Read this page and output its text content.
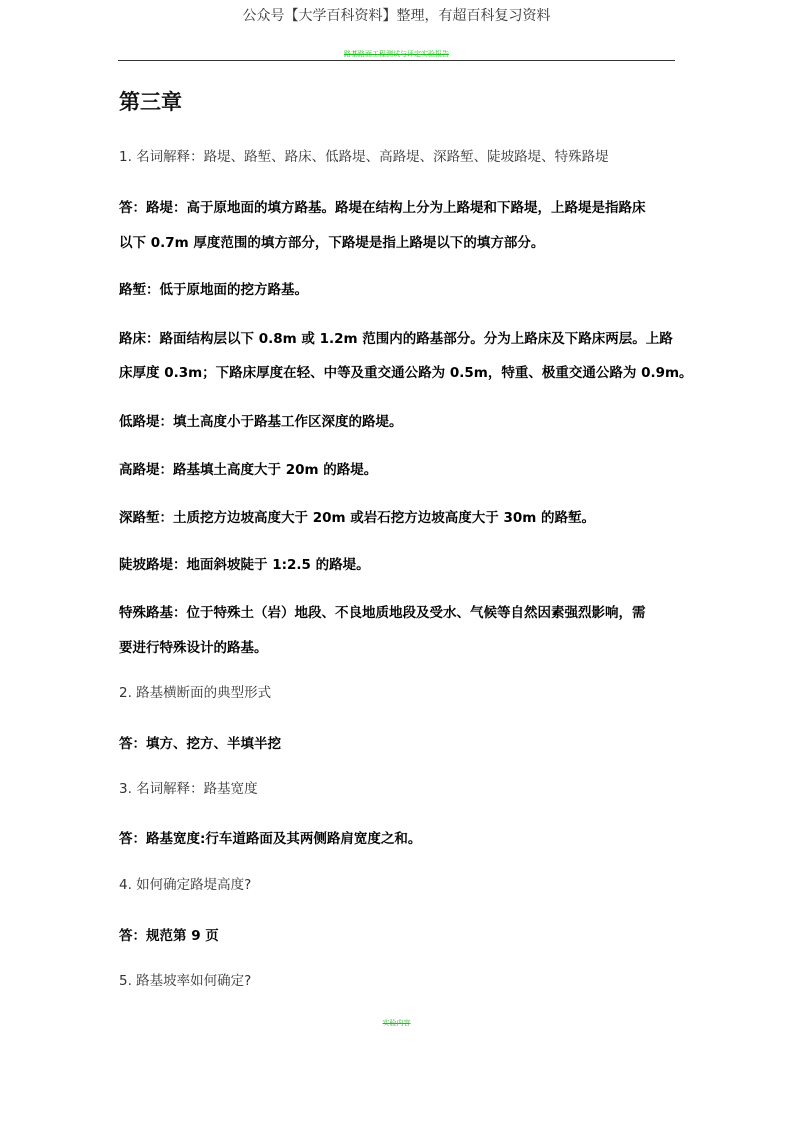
公众号【大学百科资料】整理，有超百科复习资料
路基路面工程测试与评定实验报告
第三章
1. 名词解释：路堤、路堑、路床、低路堤、高路堤、深路堑、陡坡路堤、特殊路堤
答：路堤：高于原地面的填方路基。路堤在结构上分为上路堤和下路堤，上路堤是指路床
以下 0.7m 厚度范围的填方部分，下路堤是指上路堤以下的填方部分。
路堑：低于原地面的挖方路基。
路床：路面结构层以下 0.8m 或 1.2m 范围内的路基部分。分为上路床及下路床两层。上路
床厚度 0.3m；下路床厚度在轻、中等及重交通公路为 0.5m，特重、极重交通公路为 0.9m。
低路堤：填土高度小于路基工作区深度的路堤。
高路堤：路基填土高度大于 20m 的路堤。
深路堑：土质挖方边坡高度大于 20m 或岩石挖方边坡高度大于 30m 的路堑。
陡坡路堤：地面斜坡陡于 1:2.5 的路堤。
特殊路基：位于特殊土（岩）地段、不良地质地段及受水、气候等自然因素强烈影响，需
要进行特殊设计的路基。
2. 路基横断面的典型形式
答：填方、挖方、半填半挖
3. 名词解释：路基宽度
答：路基宽度:行车道路面及其两侧路肩宽度之和。
4. 如何确定路堤高度?
答：规范第 9 页
5. 路基坡率如何确定?
实验内容
